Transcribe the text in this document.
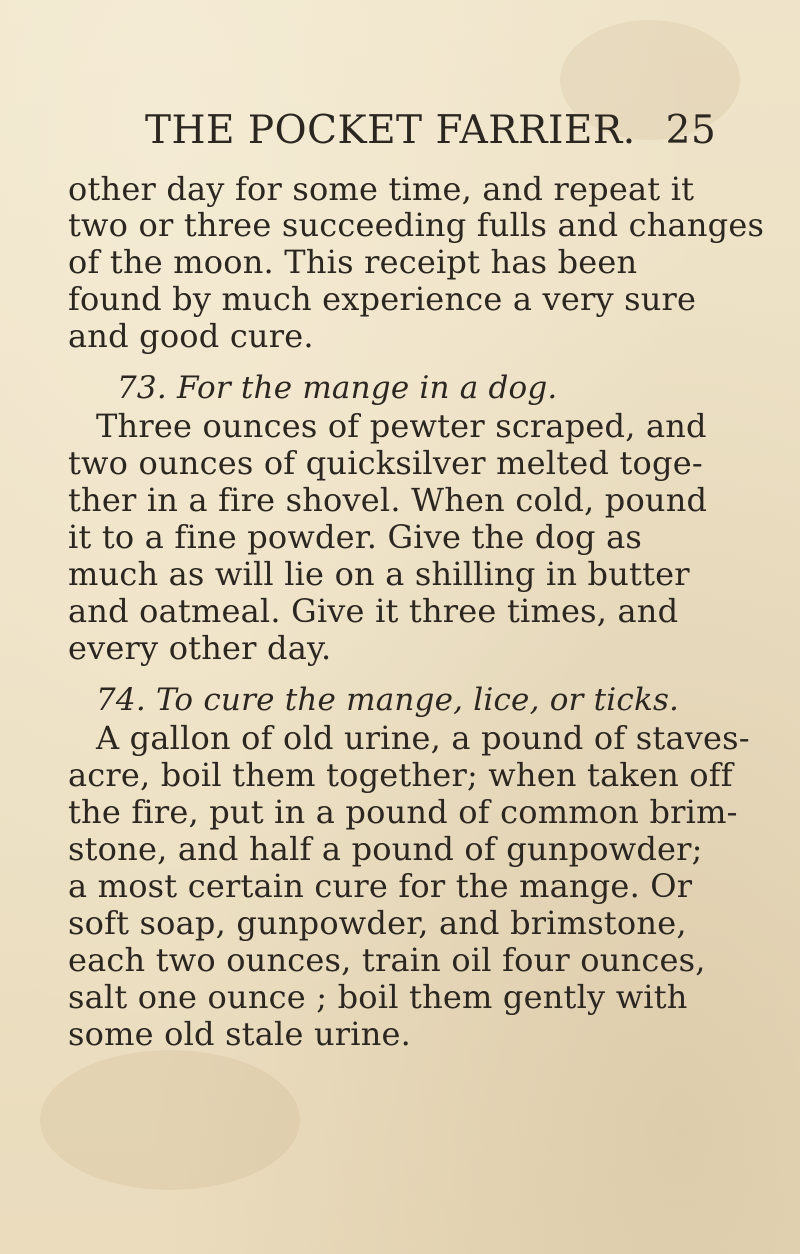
THE POCKET FARRIER. 25
other day for some time, and repeat it
two or three succeeding fulls and changes
of the moon. This receipt has been
found by much experience a very sure
and good cure.
73. For the mange in a dog.
Three ounces of pewter scraped, and
two ounces of quicksilver melted toge-
ther in a fire shovel. When cold, pound
it to a fine powder. Give the dog as
much as will lie on a shilling in butter
and oatmeal. Give it three times, and
every other day.
74. To cure the mange, lice, or ticks.
A gallon of old urine, a pound of staves-
acre, boil them together; when taken off
the fire, put in a pound of common brim-
stone, and half a pound of gunpowder;
a most certain cure for the mange. Or
soft soap, gunpowder, and brimstone,
each two ounces, train oil four ounces,
salt one ounce ; boil them gently with
some old stale urine.
